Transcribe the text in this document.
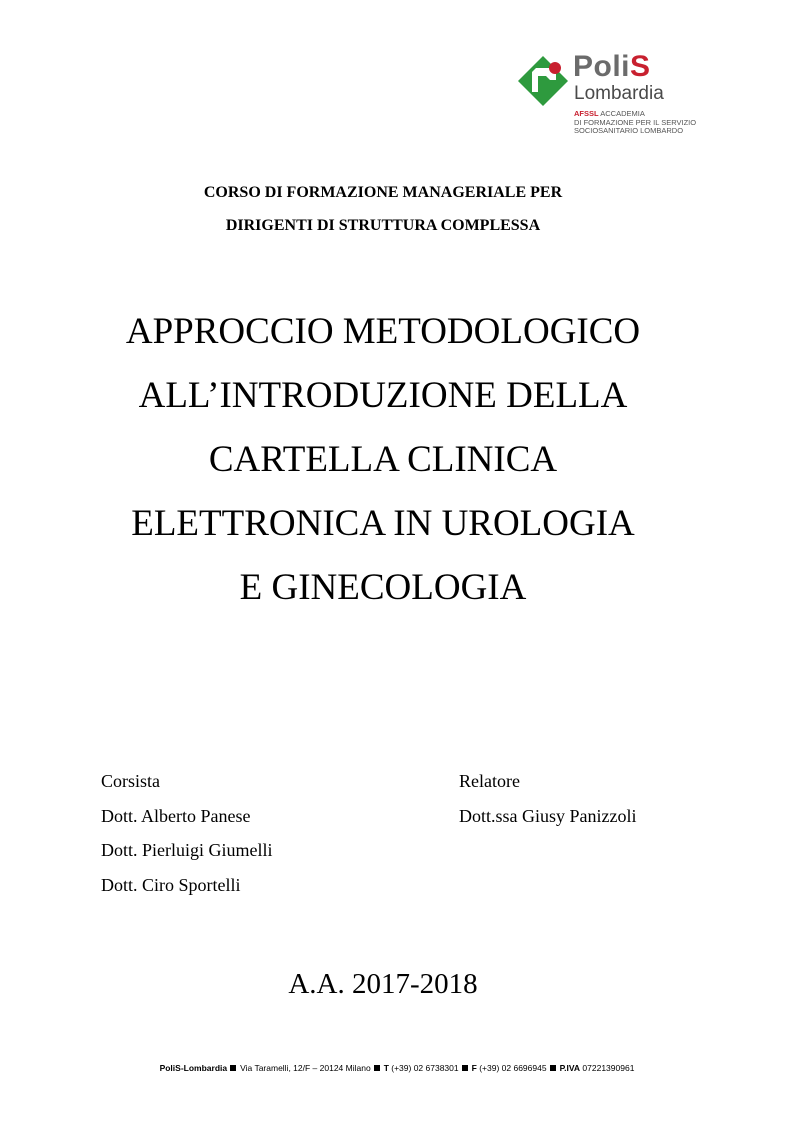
PoliS
Lombardia
AFSSL ACCADEMIA
DI FORMAZIONE PER IL SERVIZIO
SOCIOSANITARIO LOMBARDO
CORSO DI FORMAZIONE MANAGERIALE PER
DIRIGENTI DI STRUTTURA COMPLESSA
APPROCCIO METODOLOGICO
ALL’INTRODUZIONE DELLA
CARTELLA CLINICA
ELETTRONICA IN UROLOGIA
E GINECOLOGIA
Corsista
Dott. Alberto Panese
Dott. Pierluigi Giumelli
Dott. Ciro Sportelli
Relatore
Dott.ssa Giusy Panizzoli
A.A. 2017-2018
PoliS-Lombardia Via Taramelli, 12/F – 20124 Milano T (+39) 02 6738301 F (+39) 02 6696945 P.IVA 07221390961
